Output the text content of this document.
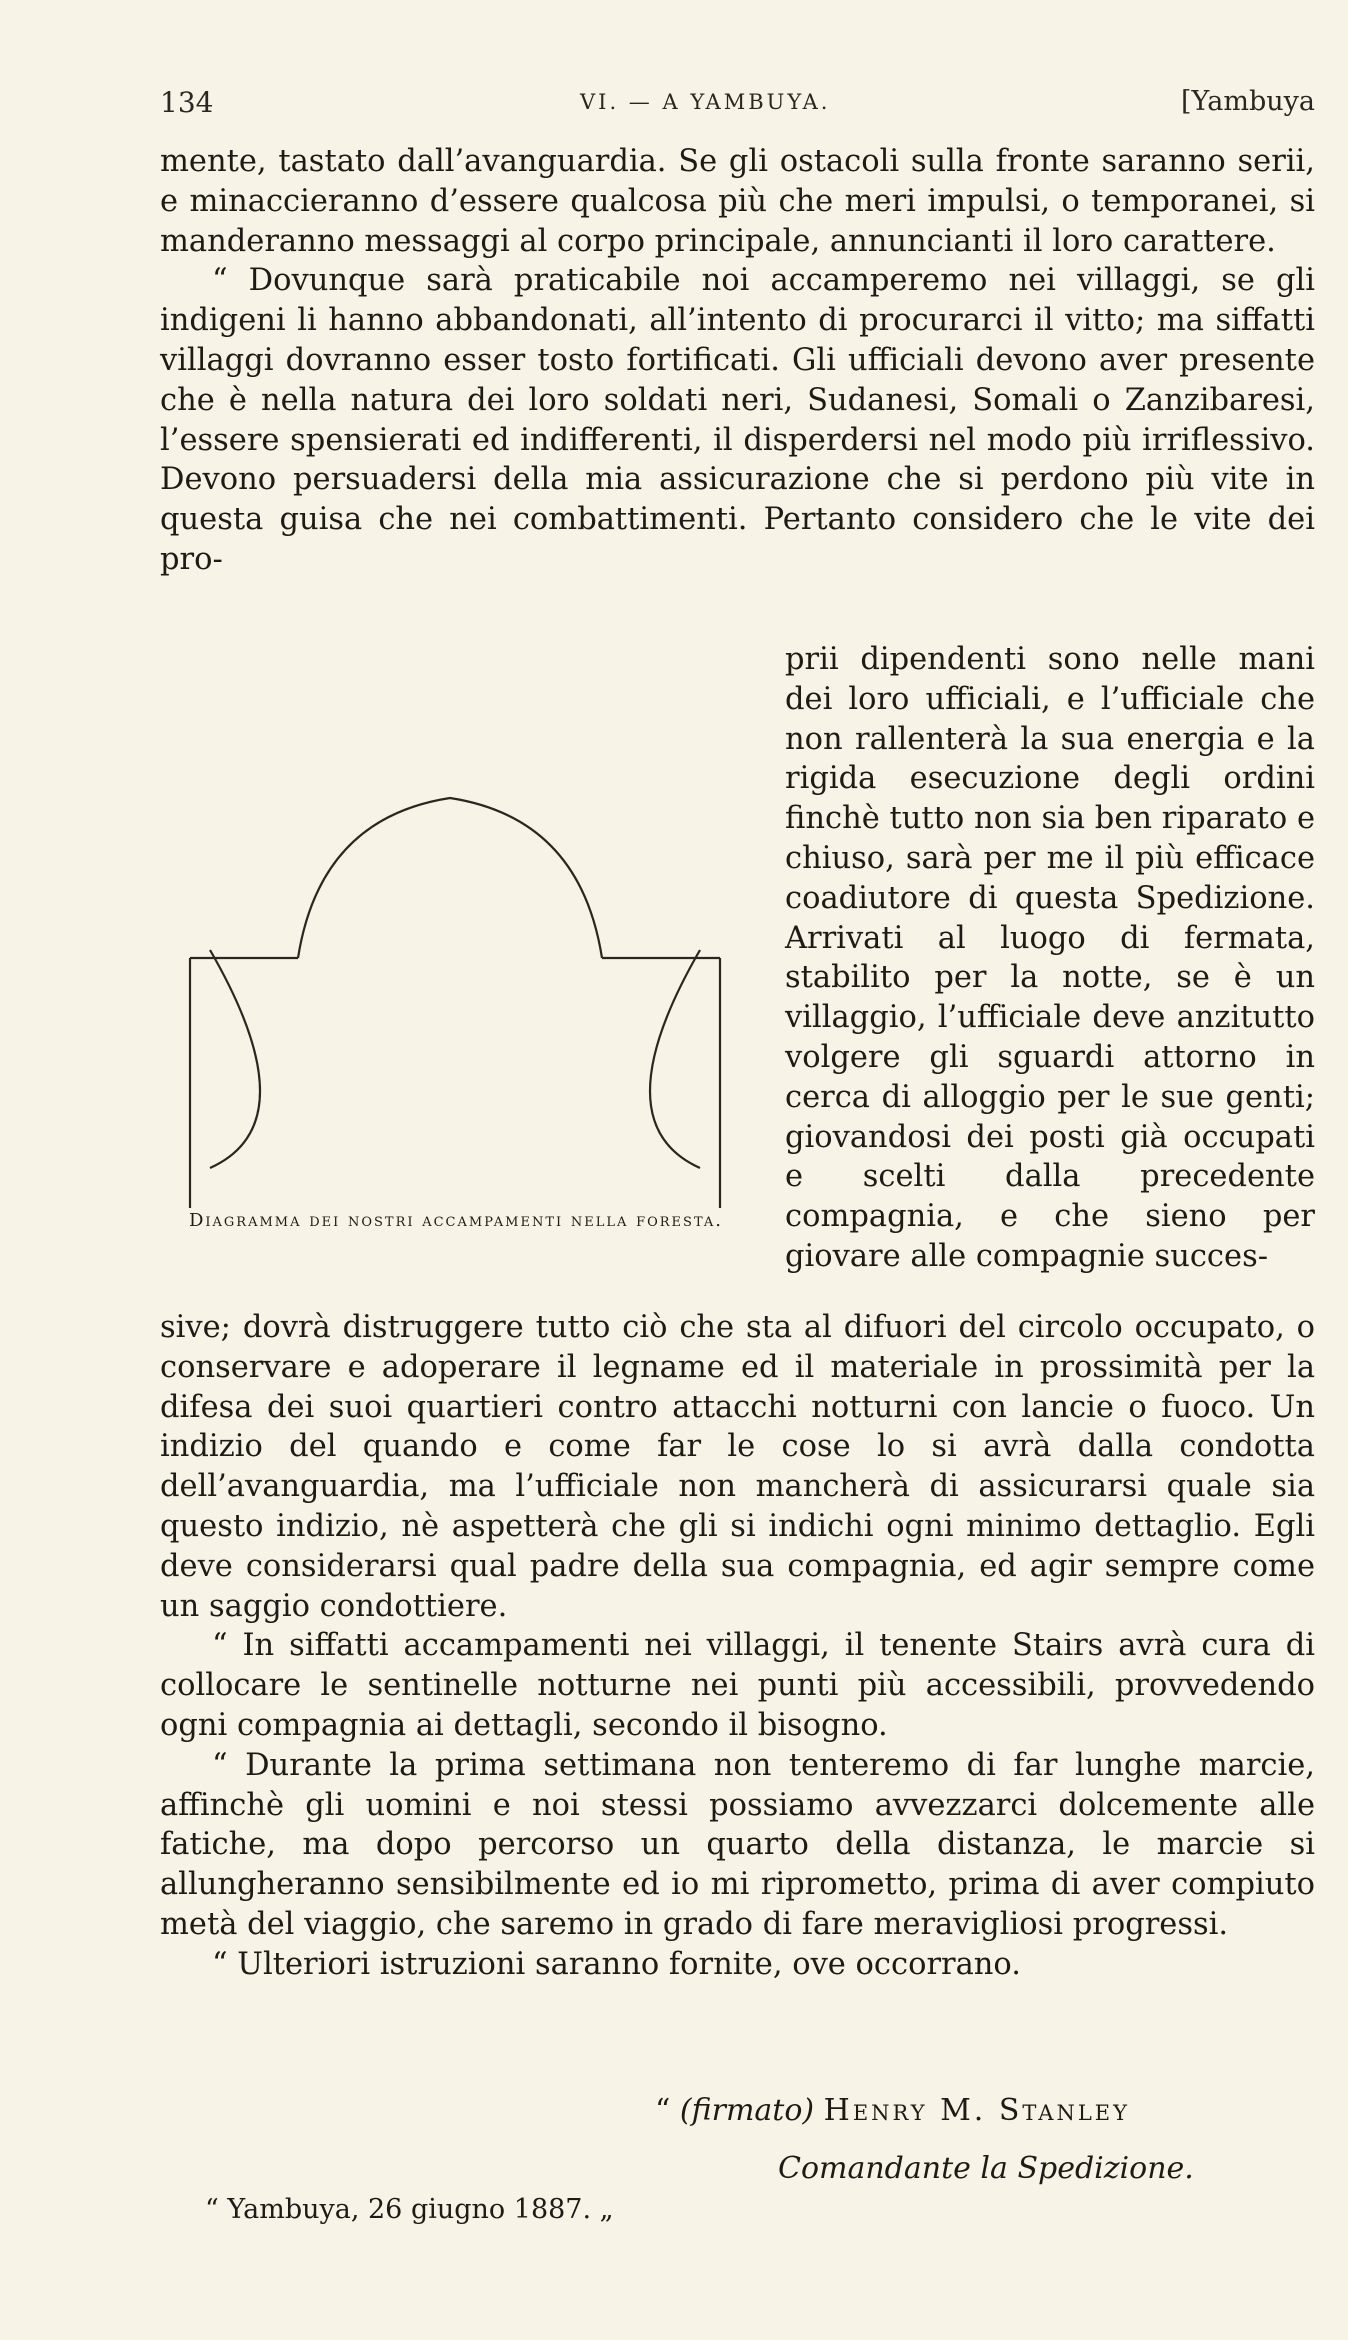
134	VI. — A YAMBUYA.	[Yambuya

mente, tastato dall’avanguardia. Se gli ostacoli sulla fronte saranno serii, e minaccieranno d’essere qualcosa più che meri impulsi, o temporanei, si manderanno messaggi al corpo principale, annuncianti il loro carattere.

“ Dovunque sarà praticabile noi accamperemo nei villaggi, se gli indigeni li hanno abbandonati, all’intento di procurarci il vitto; ma siffatti villaggi dovranno esser tosto fortificati. Gli ufficiali devono aver presente che è nella natura dei loro soldati neri, Sudanesi, Somali o Zanzibaresi, l’essere spensierati ed indifferenti, il disperdersi nel modo più irriflessivo. Devono persuadersi della mia assicurazione che si perdono più vite in questa guisa che nei combattimenti. Pertanto considero che le vite dei pro-

prii dipendenti sono nelle mani dei loro ufficiali, e l’ufficiale che non rallenterà la sua energia e la rigida esecuzione degli ordini finchè tutto non sia ben riparato e chiuso, sarà per me il più efficace coadiutore di questa Spedizione. Arrivati al luogo di fermata, stabilito per la notte, se è un villaggio, l’ufficiale deve anzitutto volgere gli sguardi attorno in cerca di alloggio per le sue genti; giovandosi dei posti già occupati e scelti dalla precedente compagnia, e che sieno per giovare alle compagnie succes-
Diagramma dei nostri accampamenti nella foresta.

sive; dovrà distruggere tutto ciò che sta al difuori del circolo occupato, o conservare e adoperare il legname ed il materiale in prossimità per la difesa dei suoi quartieri contro attacchi notturni con lancie o fuoco. Un indizio del quando e come far le cose lo si avrà dalla condotta dell’avanguardia, ma l’ufficiale non mancherà di assicurarsi quale sia questo indizio, nè aspetterà che gli si indichi ogni minimo dettaglio. Egli deve considerarsi qual padre della sua compagnia, ed agir sempre come un saggio condottiere.

“ In siffatti accampamenti nei villaggi, il tenente Stairs avrà cura di collocare le sentinelle notturne nei punti più accessibili, provvedendo ogni compagnia ai dettagli, secondo il bisogno.

“ Durante la prima settimana non tenteremo di far lunghe marcie, affinchè gli uomini e noi stessi possiamo avvezzarci dolcemente alle fatiche, ma dopo percorso un quarto della distanza, le marcie si allungheranno sensibilmente ed io mi riprometto, prima di aver compiuto metà del viaggio, che saremo in grado di fare meravigliosi progressi.

“ Ulteriori istruzioni saranno fornite, ove occorrano.

“ (firmato) Henry M. Stanley
Comandante la Spedizione.
“ Yambuya, 26 giugno 1887. „
